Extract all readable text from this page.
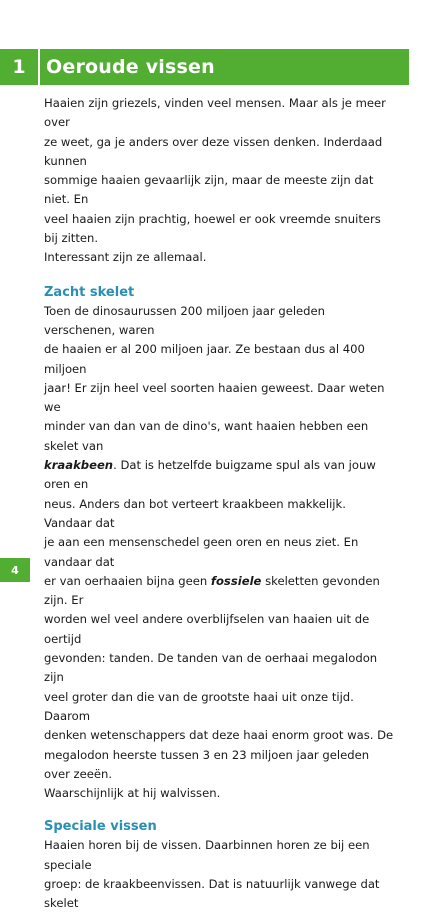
1	Oeroude vissen

Haaien zijn griezels, vinden veel mensen. Maar als je meer over
ze weet, ga je anders over deze vissen denken. Inderdaad kunnen
sommige haaien gevaarlijk zijn, maar de meeste zijn dat niet. En
veel haaien zijn prachtig, hoewel er ook vreemde snuiters bij zitten.
Interessant zijn ze allemaal.

Zacht skelet

Toen de dinosaurussen 200 miljoen jaar geleden verschenen, waren
de haaien er al 200 miljoen jaar. Ze bestaan dus al 400 miljoen
jaar! Er zijn heel veel soorten haaien geweest. Daar weten we
minder van dan van de dino's, want haaien hebben een skelet van
kraakbeen. Dat is hetzelfde buigzame spul als van jouw oren en
neus. Anders dan bot verteert kraakbeen makkelijk. Vandaar dat
je aan een mensenschedel geen oren en neus ziet. En vandaar dat
er van oerhaaien bijna geen fossiele skeletten gevonden zijn. Er
worden wel veel andere overblijfselen van haaien uit de oertijd
gevonden: tanden. De tanden van de oerhaai megalodon zijn
veel groter dan die van de grootste haai uit onze tijd. Daarom
denken wetenschappers dat deze haai enorm groot was. De
megalodon heerste tussen 3 en 23 miljoen jaar geleden over zeeën.
Waarschijnlijk at hij walvissen.

Speciale vissen

Haaien horen bij de vissen. Daarbinnen horen ze bij een speciale
groep: de kraakbeenvissen. Dat is natuurlijk vanwege dat skelet

4
